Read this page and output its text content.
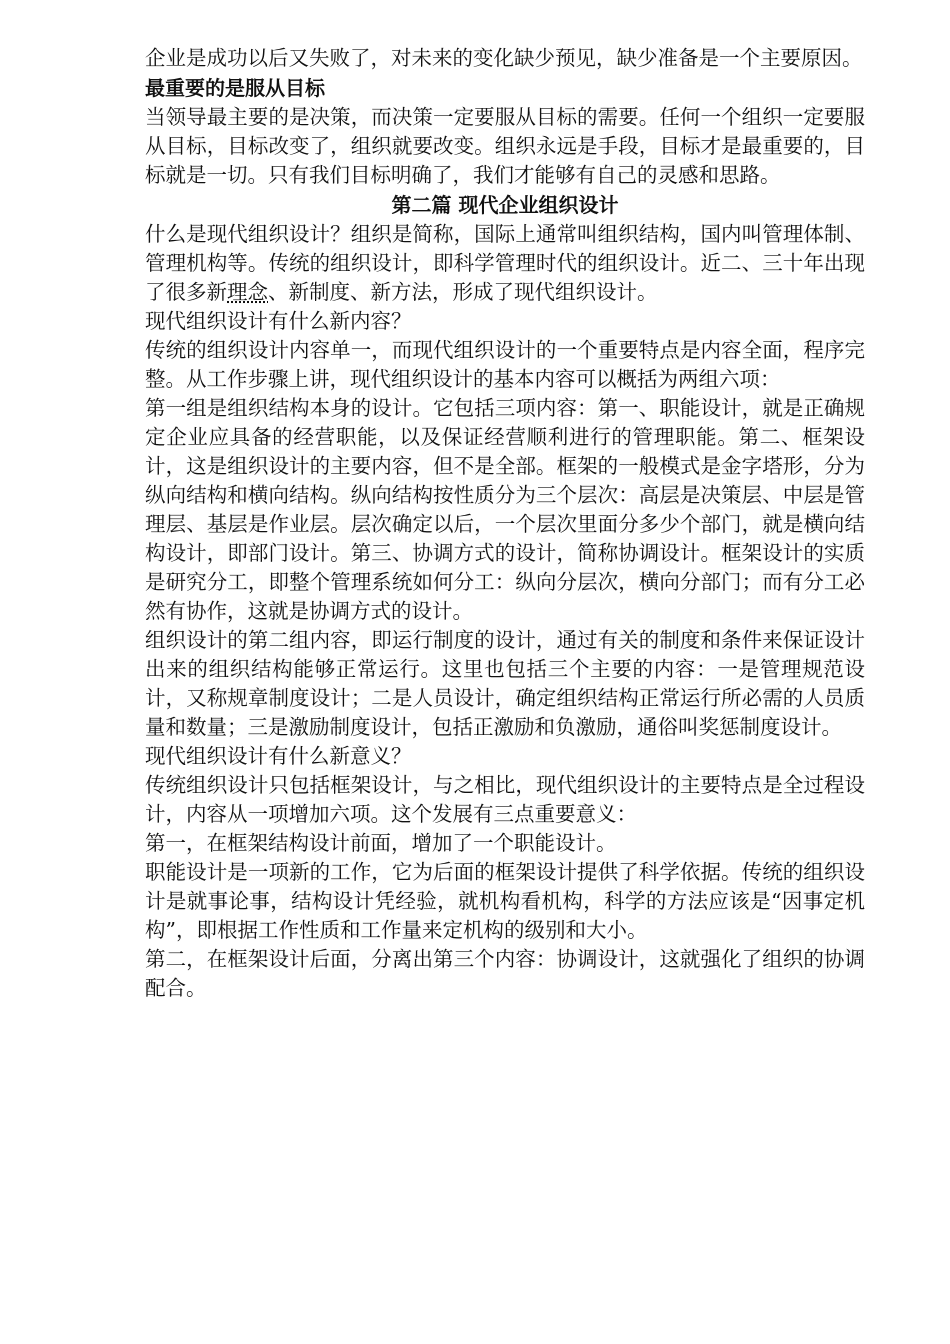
企业是成功以后又失败了，对未来的变化缺少预见，缺少准备是一个主要原因。

最重要的是服从目标

当领导最主要的是决策，而决策一定要服从目标的需要。任何一个组织一定要服从目标，目标改变了，组织就要改变。组织永远是手段，目标才是最重要的，目标就是一切。只有我们目标明确了，我们才能够有自己的灵感和思路。

第二篇 现代企业组织设计

什么是现代组织设计？组织是简称，国际上通常叫组织结构，国内叫管理体制、管理机构等。传统的组织设计，即科学管理时代的组织设计。近二、三十年出现了很多新理念、新制度、新方法，形成了现代组织设计。

现代组织设计有什么新内容？

传统的组织设计内容单一，而现代组织设计的一个重要特点是内容全面，程序完整。从工作步骤上讲，现代组织设计的基本内容可以概括为两组六项：

第一组是组织结构本身的设计。它包括三项内容：第一、职能设计，就是正确规定企业应具备的经营职能，以及保证经营顺利进行的管理职能。第二、框架设计，这是组织设计的主要内容，但不是全部。框架的一般模式是金字塔形，分为纵向结构和横向结构。纵向结构按性质分为三个层次：高层是决策层、中层是管理层、基层是作业层。层次确定以后，一个层次里面分多少个部门，就是横向结构设计，即部门设计。第三、协调方式的设计，简称协调设计。框架设计的实质是研究分工，即整个管理系统如何分工：纵向分层次，横向分部门；而有分工必然有协作，这就是协调方式的设计。

组织设计的第二组内容，即运行制度的设计，通过有关的制度和条件来保证设计出来的组织结构能够正常运行。这里也包括三个主要的内容：一是管理规范设计，又称规章制度设计；二是人员设计，确定组织结构正常运行所必需的人员质量和数量；三是激励制度设计，包括正激励和负激励，通俗叫奖惩制度设计。

现代组织设计有什么新意义？

传统组织设计只包括框架设计，与之相比，现代组织设计的主要特点是全过程设计，内容从一项增加六项。这个发展有三点重要意义：

第一，在框架结构设计前面，增加了一个职能设计。

职能设计是一项新的工作，它为后面的框架设计提供了科学依据。传统的组织设计是就事论事，结构设计凭经验，就机构看机构，科学的方法应该是“因事定机构”，即根据工作性质和工作量来定机构的级别和大小。

第二，在框架设计后面，分离出第三个内容：协调设计，这就强化了组织的协调配合。
